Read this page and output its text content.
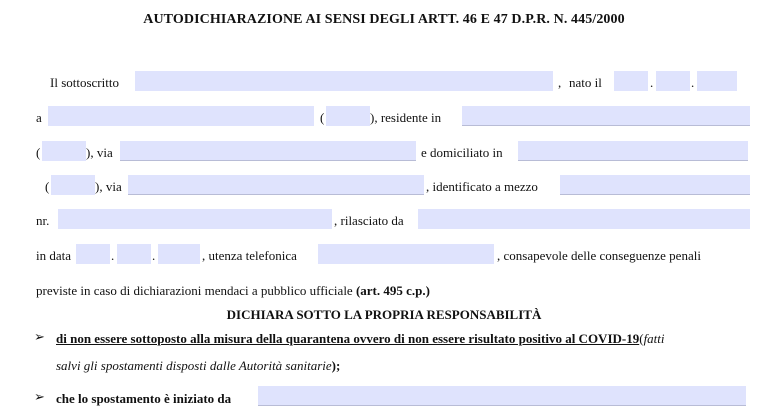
AUTODICHIARAZIONE AI SENSI DEGLI ARTT. 46 E 47 D.P.R. N. 445/2000
Il sottoscritto	, nato il	.	.
a	(	), residente in
(	), via	e domiciliato in
(	), via	, identificato a mezzo
nr.	, rilasciato da
in data	.	.	, utenza telefonica	, consapevole delle conseguenze penali
previste in caso di dichiarazioni mendaci a pubblico ufficiale (art. 495 c.p.)
DICHIARA SOTTO LA PROPRIA RESPONSABILITÀ
➢ di non essere sottoposto alla misura della quarantena ovvero di non essere risultato positivo al COVID-19(fatti
salvi gli spostamenti disposti dalle Autorità sanitarie);
➢ che lo spostamento è iniziato da
